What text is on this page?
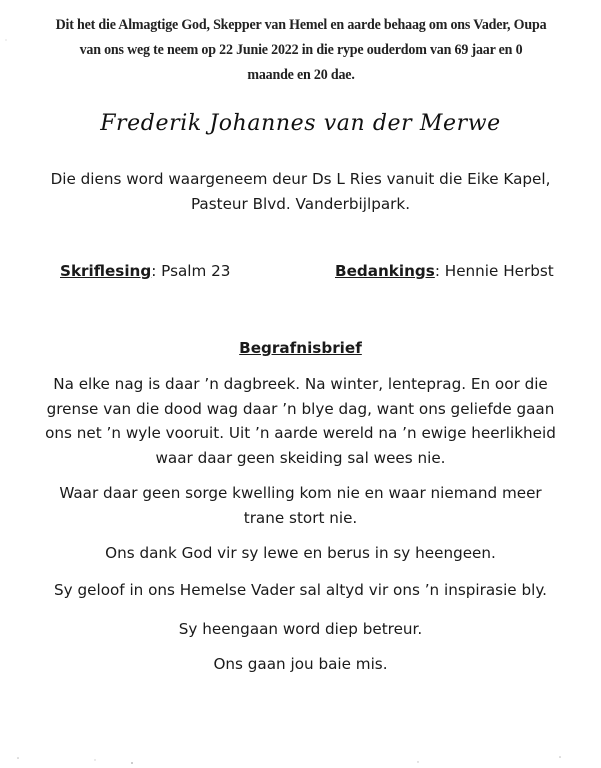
Dit het die Almagtige God, Skepper van Hemel en aarde behaag om ons Vader, Oupa
van ons weg te neem op 22 Junie 2022 in die rype ouderdom van 69 jaar en 0
maande en 20 dae.
Frederik Johannes van der Merwe
Die diens word waargeneem deur Ds L Ries vanuit die Eike Kapel,
Pasteur Blvd. Vanderbijlpark.
Skriflesing: Psalm 23	Bedankings: Hennie Herbst
Begrafnisbrief
Na elke nag is daar ’n dagbreek. Na winter, lenteprag. En oor die
grense van die dood wag daar ’n blye dag, want ons geliefde gaan
ons net ’n wyle vooruit. Uit ’n aarde wereld na ’n ewige heerlikheid
waar daar geen skeiding sal wees nie.
Waar daar geen sorge kwelling kom nie en waar niemand meer
trane stort nie.
Ons dank God vir sy lewe en berus in sy heengeen.
Sy geloof in ons Hemelse Vader sal altyd vir ons ’n inspirasie bly.
Sy heengaan word diep betreur.
Ons gaan jou baie mis.
